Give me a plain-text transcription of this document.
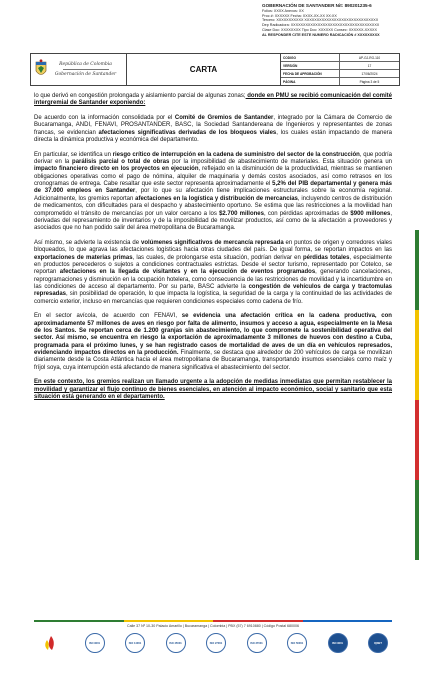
GOBERNACIÓN DE SANTANDER Nit: 890201235-6
Folios: XXXX Anexos: XX
Proc #: XXXXXX Fecha: XXXX-XX-XX XX:XX
Tercero: XXXXXXXXXXX XXXXXXXXXXXXXXXXXXXXXXXXXXXXXX
Dep Radicadora: XXXXXXXXXXXXXXXXXXXXXXXXXXXXXXXXXXXX
Clase Doc: XXXXXXXX Tipo Doc: XXXXXX Consec: XXXXXX-XXXXX
AL RESPONDER CITE ESTE NUMERO RADICACIÓN # XXXXXXXXX
República de Colombia
Gobernación de Santander
CARTA
CODIGO	AP-GJ-RG-110
VERSIÓN	17
FECHA DE APROBACIÓN	17/06/2024
PÁGINA	Página 3 de 5

lo que derivó en congestión prolongada y aislamiento parcial de algunas zonas; donde en PMU se recibió comunicación del comité intergremial de Santander exponiendo:

De acuerdo con la información consolidada por el Comité de Gremios de Santander, integrado por la Cámara de Comercio de Bucaramanga, ANDI, FENAVI, PROSANTANDER, BASC, la Sociedad Santandereana de Ingenieros y representantes de zonas francas, se evidencian afectaciones significativas derivadas de los bloqueos viales, los cuales están impactando de manera directa la dinámica productiva y económica del departamento.

En particular, se identifica un riesgo crítico de interrupción en la cadena de suministro del sector de la construcción, que podría derivar en la parálisis parcial o total de obras por la imposibilidad de abastecimiento de materiales. Esta situación genera un impacto financiero directo en los proyectos en ejecución, reflejado en la disminución de la productividad, mientras se mantienen obligaciones operativas como el pago de nómina, alquiler de maquinaria y demás costos asociados, así como retrasos en los cronogramas de entrega. Cabe resaltar que este sector representa aproximadamente el 5,2% del PIB departamental y genera más de 37.000 empleos en Santander, por lo que su afectación tiene implicaciones estructurales sobre la economía regional. Adicionalmente, los gremios reportan afectaciones en la logística y distribución de mercancías, incluyendo centros de distribución de medicamentos, con dificultades para el despacho y abastecimiento oportuno. Se estima que las restricciones a la movilidad han comprometido el tránsito de mercancías por un valor cercano a los $2.700 millones, con pérdidas aproximadas de $900 millones, derivadas del represamiento de inventarios y de la imposibilidad de movilizar productos, así como de la afectación a proveedores y asociados que no han podido salir del área metropolitana de Bucaramanga.

Así mismo, se advierte la existencia de volúmenes significativos de mercancía represada en puntos de origen y corredores viales bloqueados, lo que agrava las afectaciones logísticas hacia otras ciudades del país. De igual forma, se reportan impactos en las exportaciones de materias primas, las cuales, de prolongarse esta situación, podrían derivar en pérdidas totales, especialmente en productos perecederos o sujetos a condiciones contractuales estrictas. Desde el sector turismo, representado por Cotelco, se reportan afectaciones en la llegada de visitantes y en la ejecución de eventos programados, generando cancelaciones, reprogramaciones y disminución en la ocupación hotelera, como consecuencia de las restricciones de movilidad y la incertidumbre en las condiciones de acceso al departamento. Por su parte, BASC advierte la congestión de vehículos de carga y tractomulas represadas, sin posibilidad de operación, lo que impacta la logística, la seguridad de la carga y la continuidad de las actividades de comercio exterior, incluso en mercancías que requieren condiciones especiales como cadena de frío.

En el sector avícola, de acuerdo con FENAVI, se evidencia una afectación crítica en la cadena productiva, con aproximadamente 57 millones de aves en riesgo por falta de alimento, insumos y acceso a agua, especialmente en la Mesa de los Santos. Se reportan cerca de 1.200 granjas sin abastecimiento, lo que compromete la sostenibilidad operativa del sector. Así mismo, se encuentra en riesgo la exportación de aproximadamente 3 millones de huevos con destino a Cuba, programada para el próximo lunes, y se han registrado casos de mortalidad de aves de un día en vehículos represados, evidenciando impactos directos en la producción. Finalmente, se destaca que alrededor de 200 vehículos de carga se movilizan diariamente desde la Costa Atlántica hacia el área metropolitana de Bucaramanga, transportando insumos esenciales como maíz y fríjol soya, cuya interrupción está afectando de manera significativa el abastecimiento del sector.

En este contexto, los gremios realizan un llamado urgente a la adopción de medidas inmediatas que permitan restablecer la movilidad y garantizar el flujo continuo de bienes esenciales, en atención al impacto económico, social y sanitario que esta situación está generando en el departamento.

Calle 37 Nº 10-30 Palacio Amarillo | Bucaramanga | Colombia | PBX (57) 7 6910880 | Código Postal 680006
ISO 9001	ISO 14001	ISO 45001	ISO 27001	ISO 37001	ISO 50001	ISO 9001	IQNET
